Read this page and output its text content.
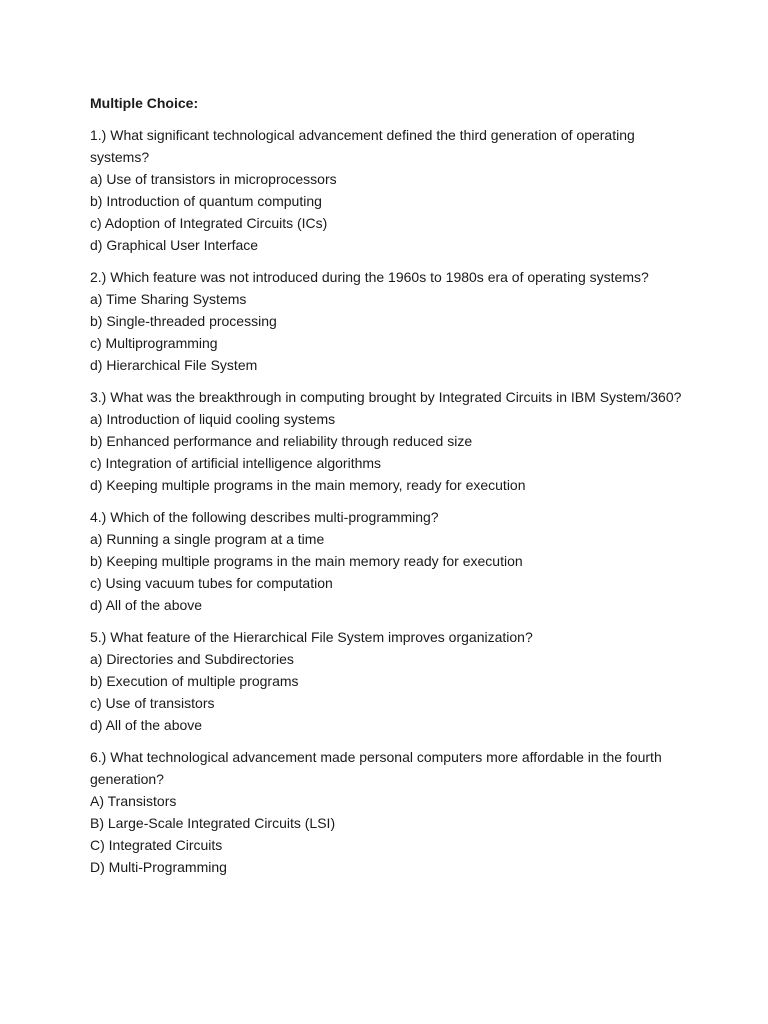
Multiple Choice:
1.) What significant technological advancement defined the third generation of operating systems?
a) Use of transistors in microprocessors
b) Introduction of quantum computing
c) Adoption of Integrated Circuits (ICs)
d) Graphical User Interface
2.) Which feature was not introduced during the 1960s to 1980s era of operating systems?
a) Time Sharing Systems
b) Single-threaded processing
c) Multiprogramming
d) Hierarchical File System
3.) What was the breakthrough in computing brought by Integrated Circuits in IBM System/360?
a) Introduction of liquid cooling systems
b) Enhanced performance and reliability through reduced size
c) Integration of artificial intelligence algorithms
d) Keeping multiple programs in the main memory, ready for execution
4.) Which of the following describes multi-programming?
a) Running a single program at a time
b) Keeping multiple programs in the main memory ready for execution
c) Using vacuum tubes for computation
d) All of the above
5.) What feature of the Hierarchical File System improves organization?
a) Directories and Subdirectories
b) Execution of multiple programs
c) Use of transistors
d) All of the above
6.) What technological advancement made personal computers more affordable in the fourth generation?
A) Transistors
B) Large-Scale Integrated Circuits (LSI)
C) Integrated Circuits
D) Multi-Programming
